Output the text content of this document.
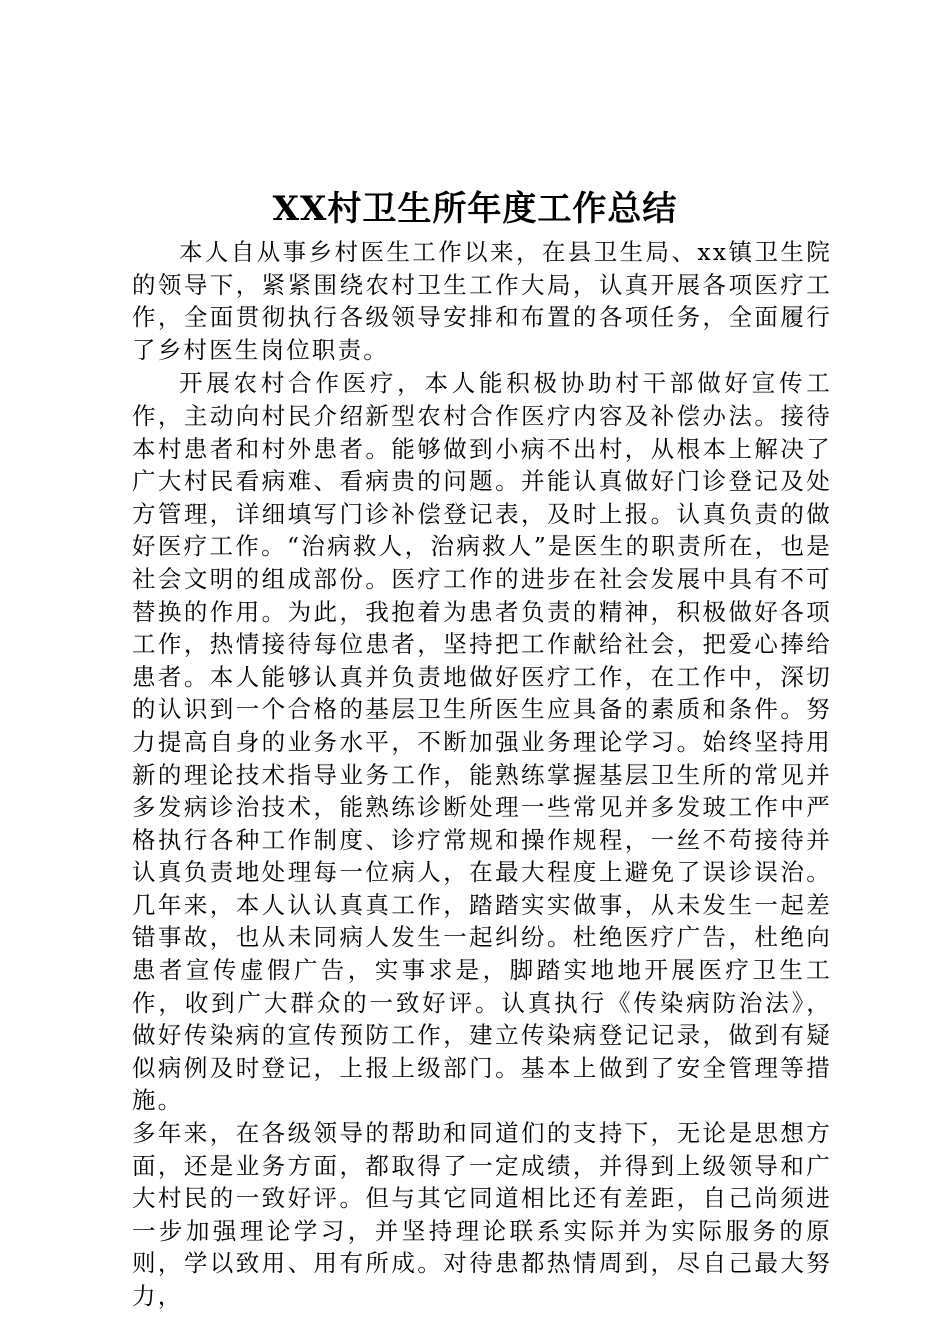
XX村卫生所年度工作总结

本人自从事乡村医生工作以来，在县卫生局、xx镇卫生院的领导下，紧紧围绕农村卫生工作大局，认真开展各项医疗工作，全面贯彻执行各级领导安排和布置的各项任务，全面履行了乡村医生岗位职责。

开展农村合作医疗，本人能积极协助村干部做好宣传工作，主动向村民介绍新型农村合作医疗内容及补偿办法。接待本村患者和村外患者。能够做到小病不出村，从根本上解决了广大村民看病难、看病贵的问题。并能认真做好门诊登记及处方管理，详细填写门诊补偿登记表，及时上报。认真负责的做好医疗工作。“治病救人，治病救人”是医生的职责所在，也是社会文明的组成部份。医疗工作的进步在社会发展中具有不可替换的作用。为此，我抱着为患者负责的精神，积极做好各项工作，热情接待每位患者，坚持把工作献给社会，把爱心捧给患者。本人能够认真并负责地做好医疗工作，在工作中，深切的认识到一个合格的基层卫生所医生应具备的素质和条件。努力提高自身的业务水平，不断加强业务理论学习。始终坚持用新的理论技术指导业务工作，能熟练掌握基层卫生所的常见并多发病诊治技术，能熟练诊断处理一些常见并多发玻工作中严格执行各种工作制度、诊疗常规和操作规程，一丝不苟接待并认真负责地处理每一位病人，在最大程度上避免了误诊误治。几年来，本人认认真真工作，踏踏实实做事，从未发生一起差错事故，也从未同病人发生一起纠纷。杜绝医疗广告，杜绝向患者宣传虚假广告，实事求是，脚踏实地地开展医疗卫生工作，收到广大群众的一致好评。认真执行《传染病防治法》，做好传染病的宣传预防工作，建立传染病登记记录，做到有疑似病例及时登记，上报上级部门。基本上做到了安全管理等措施。

多年来，在各级领导的帮助和同道们的支持下，无论是思想方面，还是业务方面，都取得了一定成绩，并得到上级领导和广大村民的一致好评。但与其它同道相比还有差距，自己尚须进一步加强理论学习，并坚持理论联系实际并为实际服务的原则，学以致用、用有所成。对待患都热情周到，尽自己最大努力，
